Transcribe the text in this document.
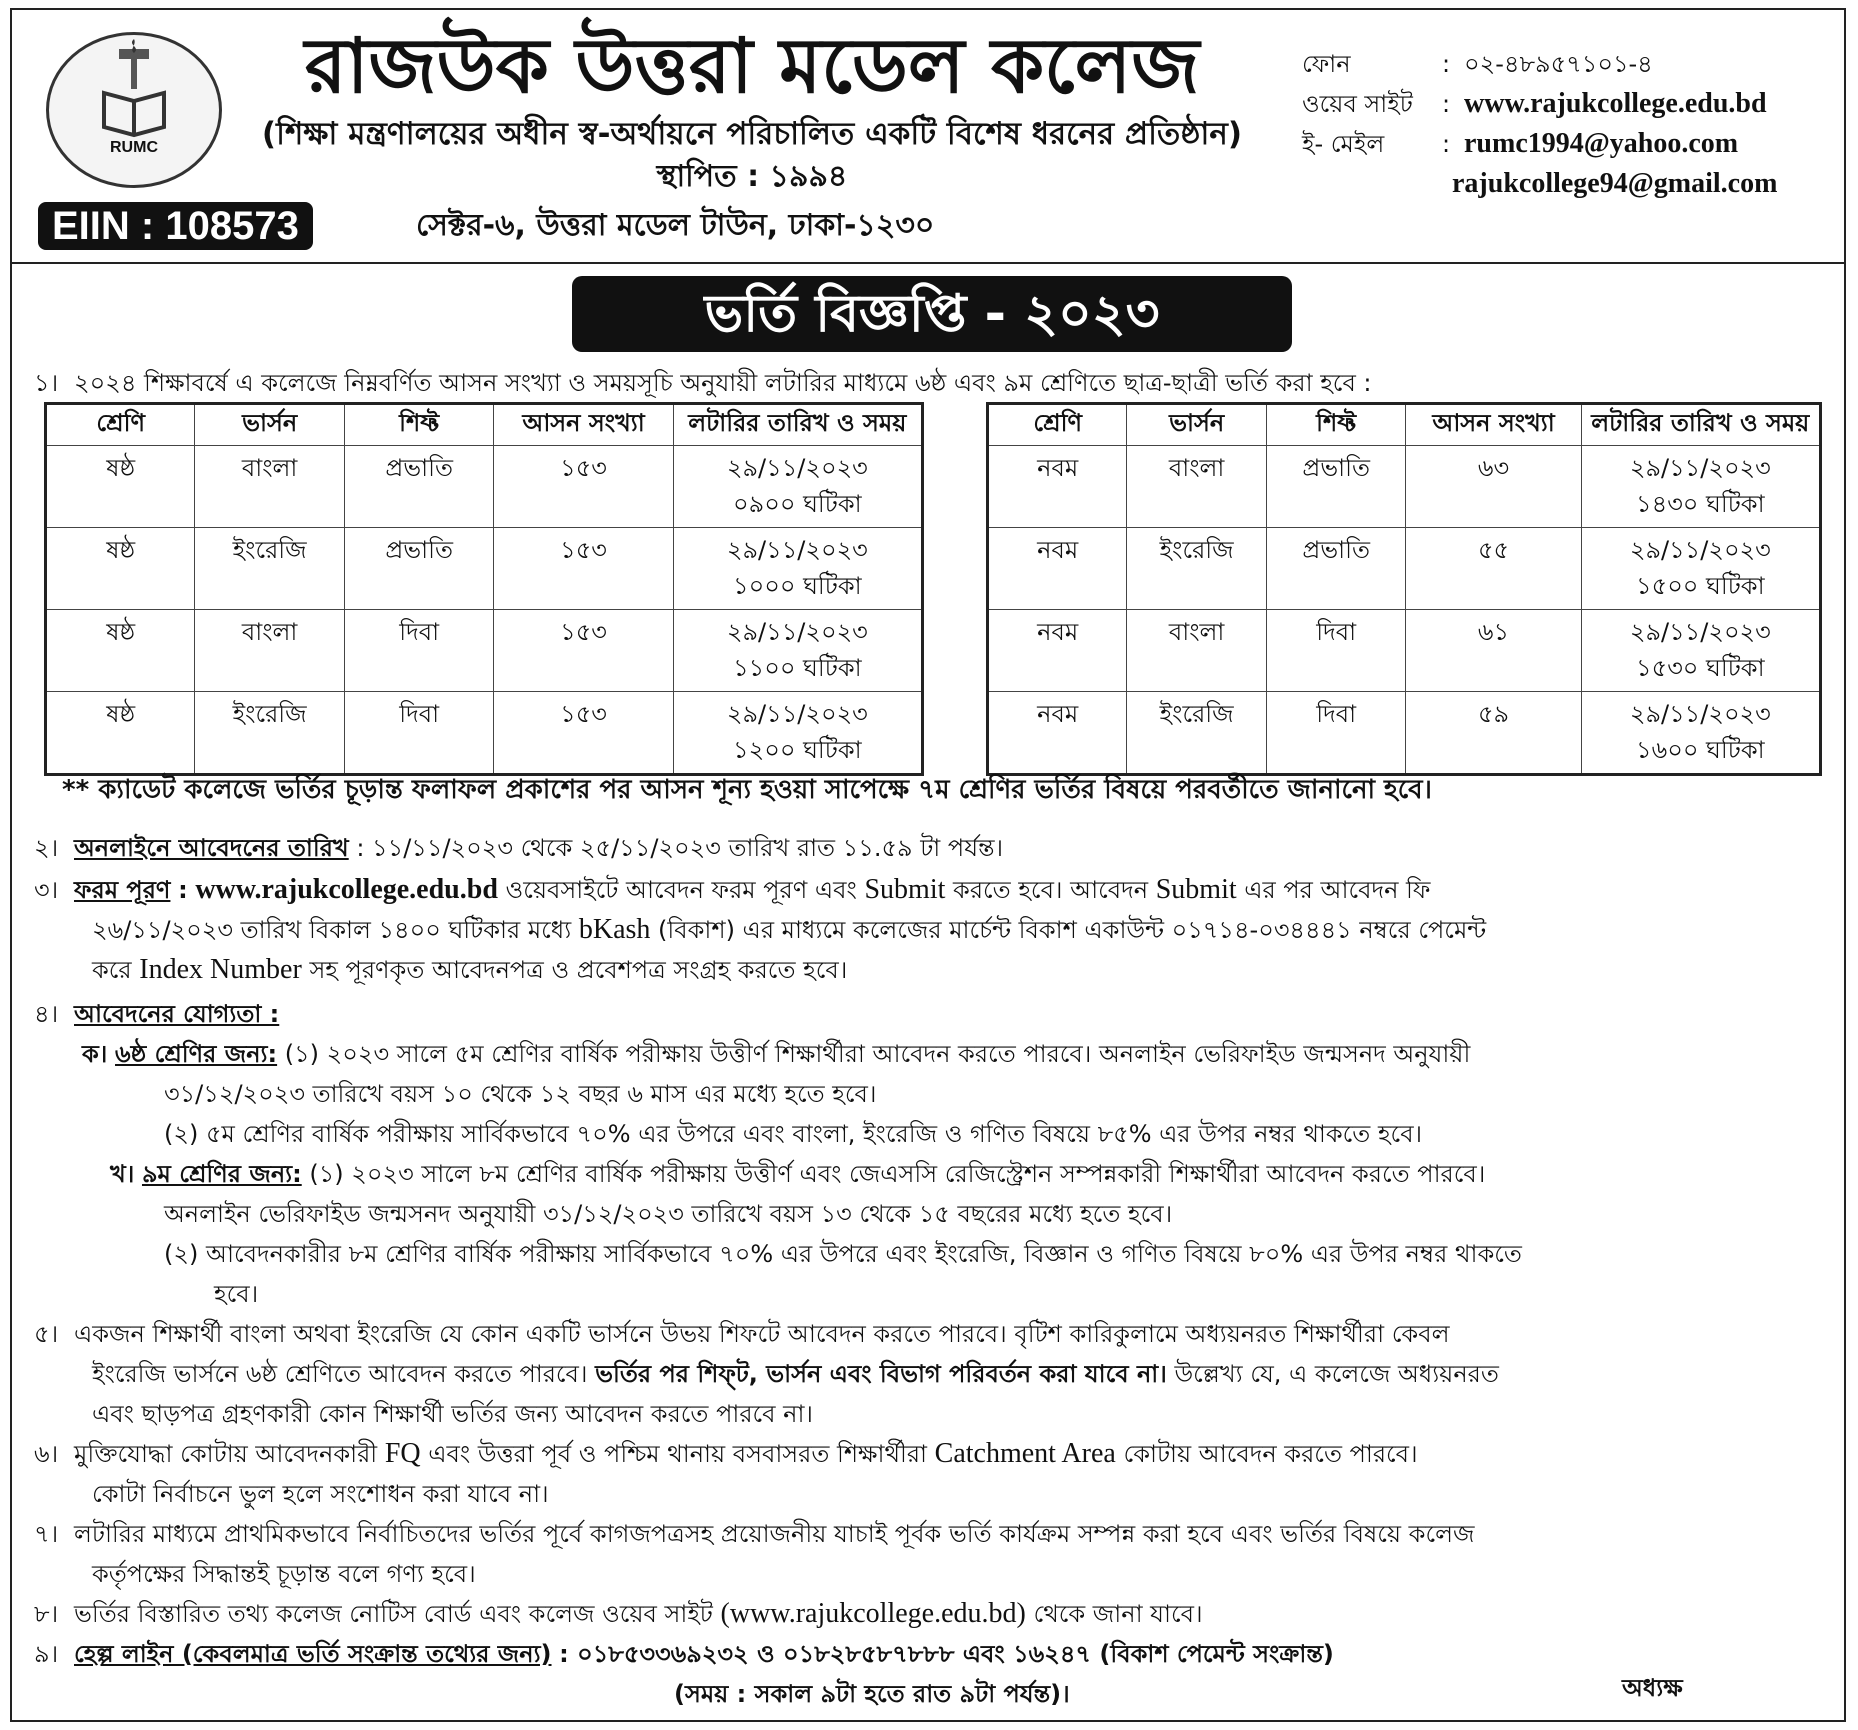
RUMC
রাজউক উত্তরা মডেল কলেজ
(শিক্ষা মন্ত্রণালয়ের অধীন স্ব-অর্থায়নে পরিচালিত একটি বিশেষ ধরনের প্রতিষ্ঠান)
স্থাপিত : ১৯৯৪
EIIN : 108573	সেক্টর-৬, উত্তরা মডেল টাউন, ঢাকা-১২৩০
ফোন	: ০২-৪৮৯৫৭১০১-৪
ওয়েব সাইট	: www.rajukcollege.edu.bd
ই- মেইল	: rumc1994@yahoo.com
rajukcollege94@gmail.com
ভর্তি বিজ্ঞপ্তি - ২০২৩
১। ২০২৪ শিক্ষাবর্ষে এ কলেজে নিম্নবর্ণিত আসন সংখ্যা ও সময়সূচি অনুযায়ী লটারির মাধ্যমে ৬ষ্ঠ এবং ৯ম শ্রেণিতে ছাত্র-ছাত্রী ভর্তি করা হবে :
শ্রেণি	ভার্সন	শিফ্ট	আসন সংখ্যা	লটারির তারিখ ও সময়
ষষ্ঠ	বাংলা	প্রভাতি	১৫৩	২৯/১১/২০২৩
০৯০০ ঘটিকা

ষষ্ঠ	ইংরেজি	প্রভাতি	১৫৩	২৯/১১/২০২৩
১০০০ ঘটিকা

ষষ্ঠ	বাংলা	দিবা	১৫৩	২৯/১১/২০২৩
১১০০ ঘটিকা

ষষ্ঠ	ইংরেজি	দিবা	১৫৩	২৯/১১/২০২৩
১২০০ ঘটিকা
শ্রেণি	ভার্সন	শিফ্ট	আসন সংখ্যা	লটারির তারিখ ও সময়
নবম	বাংলা	প্রভাতি	৬৩	২৯/১১/২০২৩
১৪৩০ ঘটিকা

নবম	ইংরেজি	প্রভাতি	৫৫	২৯/১১/২০২৩
১৫০০ ঘটিকা

নবম	বাংলা	দিবা	৬১	২৯/১১/২০২৩
১৫৩০ ঘটিকা

নবম	ইংরেজি	দিবা	৫৯	২৯/১১/২০২৩
১৬০০ ঘটিকা
** ক্যাডেট কলেজে ভর্তির চূড়ান্ত ফলাফল প্রকাশের পর আসন শূন্য হওয়া সাপেক্ষে ৭ম শ্রেণির ভর্তির বিষয়ে পরবর্তীতে জানানো হবে।
২। অনলাইনে আবেদনের তারিখ : ১১/১১/২০২৩ থেকে ২৫/১১/২০২৩ তারিখ রাত ১১.৫৯ টা পর্যন্ত।
৩। ফরম পূরণ : www.rajukcollege.edu.bd ওয়েবসাইটে আবেদন ফরম পূরণ এবং Submit করতে হবে। আবেদন Submit এর পর আবেদন ফি
২৬/১১/২০২৩ তারিখ বিকাল ১৪০০ ঘটিকার মধ্যে bKash (বিকাশ) এর মাধ্যমে কলেজের মার্চেন্ট বিকাশ একাউন্ট ০১৭১৪-০৩৪৪৪১ নম্বরে পেমেন্ট
করে Index Number সহ পূরণকৃত আবেদনপত্র ও প্রবেশপত্র সংগ্রহ করতে হবে।
৪। আবেদনের যোগ্যতা :
ক। ৬ষ্ঠ শ্রেণির জন্য: (১) ২০২৩ সালে ৫ম শ্রেণির বার্ষিক পরীক্ষায় উত্তীর্ণ শিক্ষার্থীরা আবেদন করতে পারবে। অনলাইন ভেরিফাইড জন্মসনদ অনুযায়ী
৩১/১২/২০২৩ তারিখে বয়স ১০ থেকে ১২ বছর ৬ মাস এর মধ্যে হতে হবে।
(২) ৫ম শ্রেণির বার্ষিক পরীক্ষায় সার্বিকভাবে ৭০% এর উপরে এবং বাংলা, ইংরেজি ও গণিত বিষয়ে ৮৫% এর উপর নম্বর থাকতে হবে।
খ। ৯ম শ্রেণির জন্য: (১) ২০২৩ সালে ৮ম শ্রেণির বার্ষিক পরীক্ষায় উত্তীর্ণ এবং জেএসসি রেজিস্ট্রেশন সম্পন্নকারী শিক্ষার্থীরা আবেদন করতে পারবে।
অনলাইন ভেরিফাইড জন্মসনদ অনুযায়ী ৩১/১২/২০২৩ তারিখে বয়স ১৩ থেকে ১৫ বছরের মধ্যে হতে হবে।
(২) আবেদনকারীর ৮ম শ্রেণির বার্ষিক পরীক্ষায় সার্বিকভাবে ৭০% এর উপরে এবং ইংরেজি, বিজ্ঞান ও গণিত বিষয়ে ৮০% এর উপর নম্বর থাকতে
হবে।
৫। একজন শিক্ষার্থী বাংলা অথবা ইংরেজি যে কোন একটি ভার্সনে উভয় শিফটে আবেদন করতে পারবে। বৃটিশ কারিকুলামে অধ্যয়নরত শিক্ষার্থীরা কেবল
ইংরেজি ভার্সনে ৬ষ্ঠ শ্রেণিতে আবেদন করতে পারবে। ভর্তির পর শিফ্‌ট, ভার্সন এবং বিভাগ পরিবর্তন করা যাবে না। উল্লেখ্য যে, এ কলেজে অধ্যয়নরত
এবং ছাড়পত্র গ্রহণকারী কোন শিক্ষার্থী ভর্তির জন্য আবেদন করতে পারবে না।
৬। মুক্তিযোদ্ধা কোটায় আবেদনকারী FQ এবং উত্তরা পূর্ব ও পশ্চিম থানায় বসবাসরত শিক্ষার্থীরা Catchment Area কোটায় আবেদন করতে পারবে।
কোটা নির্বাচনে ভুল হলে সংশোধন করা যাবে না।
৭। লটারির মাধ্যমে প্রাথমিকভাবে নির্বাচিতদের ভর্তির পূর্বে কাগজপত্রসহ প্রয়োজনীয় যাচাই পূর্বক ভর্তি কার্যক্রম সম্পন্ন করা হবে এবং ভর্তির বিষয়ে কলেজ
কর্তৃপক্ষের সিদ্ধান্তই চূড়ান্ত বলে গণ্য হবে।
৮। ভর্তির বিস্তারিত তথ্য কলেজ নোটিস বোর্ড এবং কলেজ ওয়েব সাইট (www.rajukcollege.edu.bd) থেকে জানা যাবে।
৯। হেল্প লাইন (কেবলমাত্র ভর্তি সংক্রান্ত তথ্যের জন্য) : ০১৮৫৩৩৬৯২৩২ ও ০১৮২৮৫৮৭৮৮৮ এবং ১৬২৪৭ (বিকাশ পেমেন্ট সংক্রান্ত)
(সময় : সকাল ৯টা হতে রাত ৯টা পর্যন্ত)।	অধ্যক্ষ
